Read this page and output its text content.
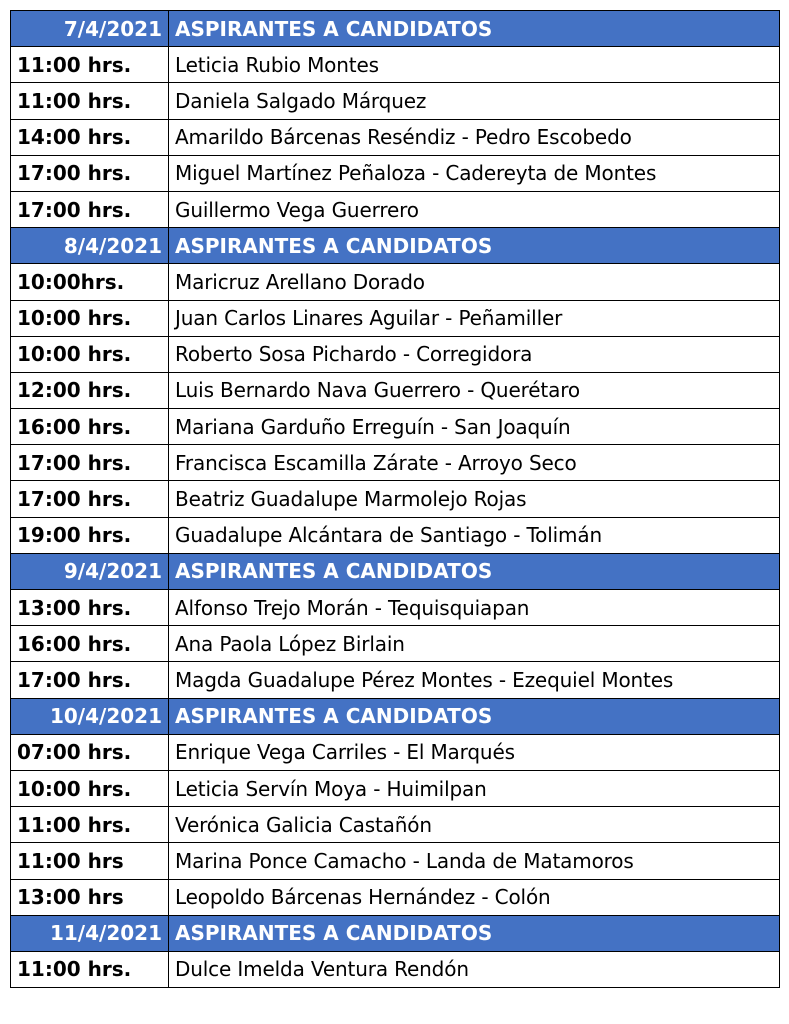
7/4/2021	ASPIRANTES A CANDIDATOS
11:00 hrs.	Leticia Rubio Montes
11:00 hrs.	Daniela Salgado Márquez
14:00 hrs.	Amarildo Bárcenas Reséndiz - Pedro Escobedo
17:00 hrs.	Miguel Martínez Peñaloza - Cadereyta de Montes
17:00 hrs.	Guillermo Vega Guerrero
8/4/2021	ASPIRANTES A CANDIDATOS
10:00hrs.	Maricruz Arellano Dorado
10:00 hrs.	Juan Carlos Linares Aguilar - Peñamiller
10:00 hrs.	Roberto Sosa Pichardo - Corregidora
12:00 hrs.	Luis Bernardo Nava Guerrero - Querétaro
16:00 hrs.	Mariana Garduño Erreguín - San Joaquín
17:00 hrs.	Francisca Escamilla Zárate - Arroyo Seco
17:00 hrs.	Beatriz Guadalupe Marmolejo Rojas
19:00 hrs.	Guadalupe Alcántara de Santiago - Tolimán
9/4/2021	ASPIRANTES A CANDIDATOS
13:00 hrs.	Alfonso Trejo Morán - Tequisquiapan
16:00 hrs.	Ana Paola López Birlain
17:00 hrs.	Magda Guadalupe Pérez Montes - Ezequiel Montes
10/4/2021	ASPIRANTES A CANDIDATOS
07:00 hrs.	Enrique Vega Carriles - El Marqués
10:00 hrs.	Leticia Servín Moya - Huimilpan
11:00 hrs.	Verónica Galicia Castañón
11:00 hrs	Marina Ponce Camacho - Landa de Matamoros
13:00 hrs	Leopoldo Bárcenas Hernández - Colón
11/4/2021	ASPIRANTES A CANDIDATOS
11:00 hrs.	Dulce Imelda Ventura Rendón
